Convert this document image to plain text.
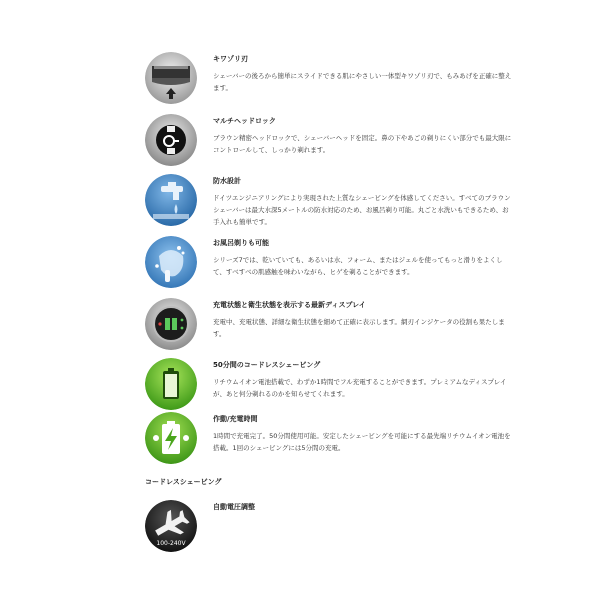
キワゾリ刃
シェーバーの後ろから簡単にスライドできる肌にやさしい一体型キワゾリ刃で、もみあげを正確に整えます。
マルチヘッドロック
ブラウン精密ヘッドロックで、シェーバーヘッドを固定。鼻の下やあごの剃りにくい部分でも最大限にコントロールして、しっかり剃れます。
防水設計
ドイツエンジニアリングにより実現された上質なシェービングを体感してください。すべてのブラウンシェーバーは最大水深5メートルの防水対応のため、お風呂剃り可能。丸ごと水洗いもできるため、お手入れも簡単です。
お風呂剃りも可能
シリーズ7では、乾いていても、あるいは水、フォーム、またはジェルを使ってもっと滑りをよくして、すべすべの肌感触を味わいながら、ヒゲを剃ることができます。
充電状態と衛生状態を表示する最新ディスプレイ
充電中、充電状態、詳細な衛生状態を細めて正確に表示します。網刃インジケータの役割も果たします。
50分間のコードレスシェービング
リチウムイオン電池搭載で、わずか1時間でフル充電することができます。プレミアムなディスプレイが、あと何分剃れるのかを知らせてくれます。
作動/充電時間
1時間で充電完了。50分間使用可能。安定したシェービングを可能にする最先端リチウムイオン電池を搭載。1回のシェービングには5分間の充電。
コードレスシェービング
100-240V
自動電圧調整
